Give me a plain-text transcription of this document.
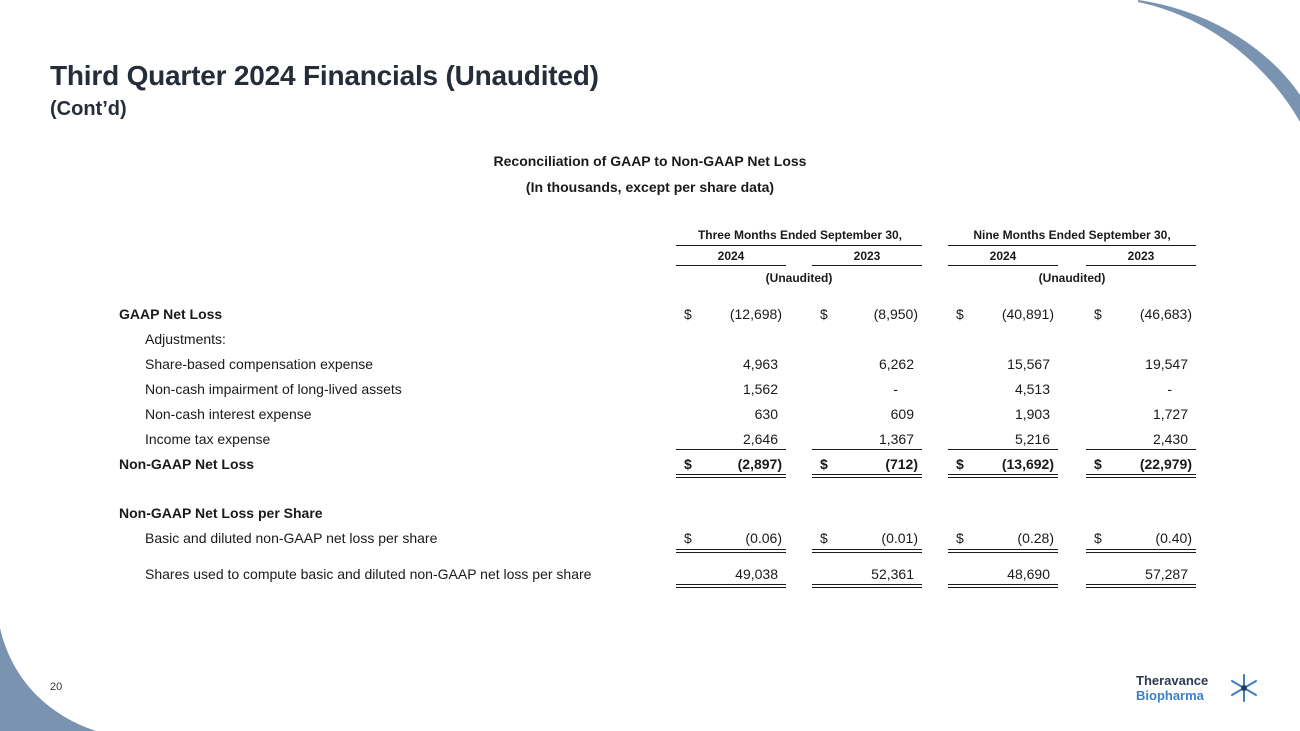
Third Quarter 2024 Financials (Unaudited)
(Cont’d)
Reconciliation of GAAP to Non-GAAP Net Loss
(In thousands, except per share data)
Three Months Ended September 30,	Nine Months Ended September 30,
2024	2023	2024	2023
(Unaudited)	(Unaudited)
GAAP Net Loss	$	(12,698)	$	(8,950)	$	(40,891)	$	(46,683)
Adjustments:
Share-based compensation expense	4,963	6,262	15,567	19,547
Non-cash impairment of long-lived assets	1,562	-	4,513	-
Non-cash interest expense	630	609	1,903	1,727
Income tax expense	2,646	1,367	5,216	2,430
Non-GAAP Net Loss	$	(2,897)	$	(712)	$	(13,692)	$	(22,979)
Non-GAAP Net Loss per Share
Basic and diluted non-GAAP net loss per share	$	(0.06)	$	(0.01)	$	(0.28)	$	(0.40)
Shares used to compute basic and diluted non-GAAP net loss per share	49,038	52,361	48,690	57,287
20	Theravance
Biopharma
